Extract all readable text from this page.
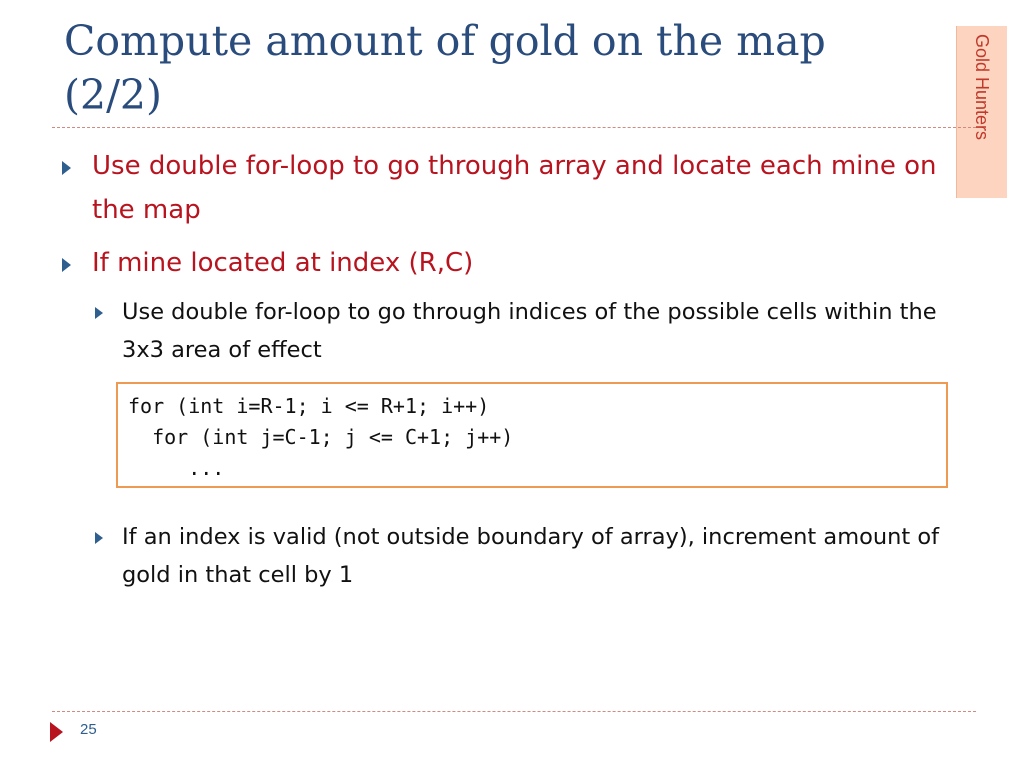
Compute amount of gold on the map (2/2)	Gold Hunters
Use double for-loop to go through array and locate each mine on the map
If mine located at index (R,C)
Use double for-loop to go through indices of the possible cells within the 3x3 area of effect
for (int i=R-1; i <= R+1; i++)
for (int j=C-1; j <= C+1; j++)
...
If an index is valid (not outside boundary of array), increment amount of gold in that cell by 1
25
